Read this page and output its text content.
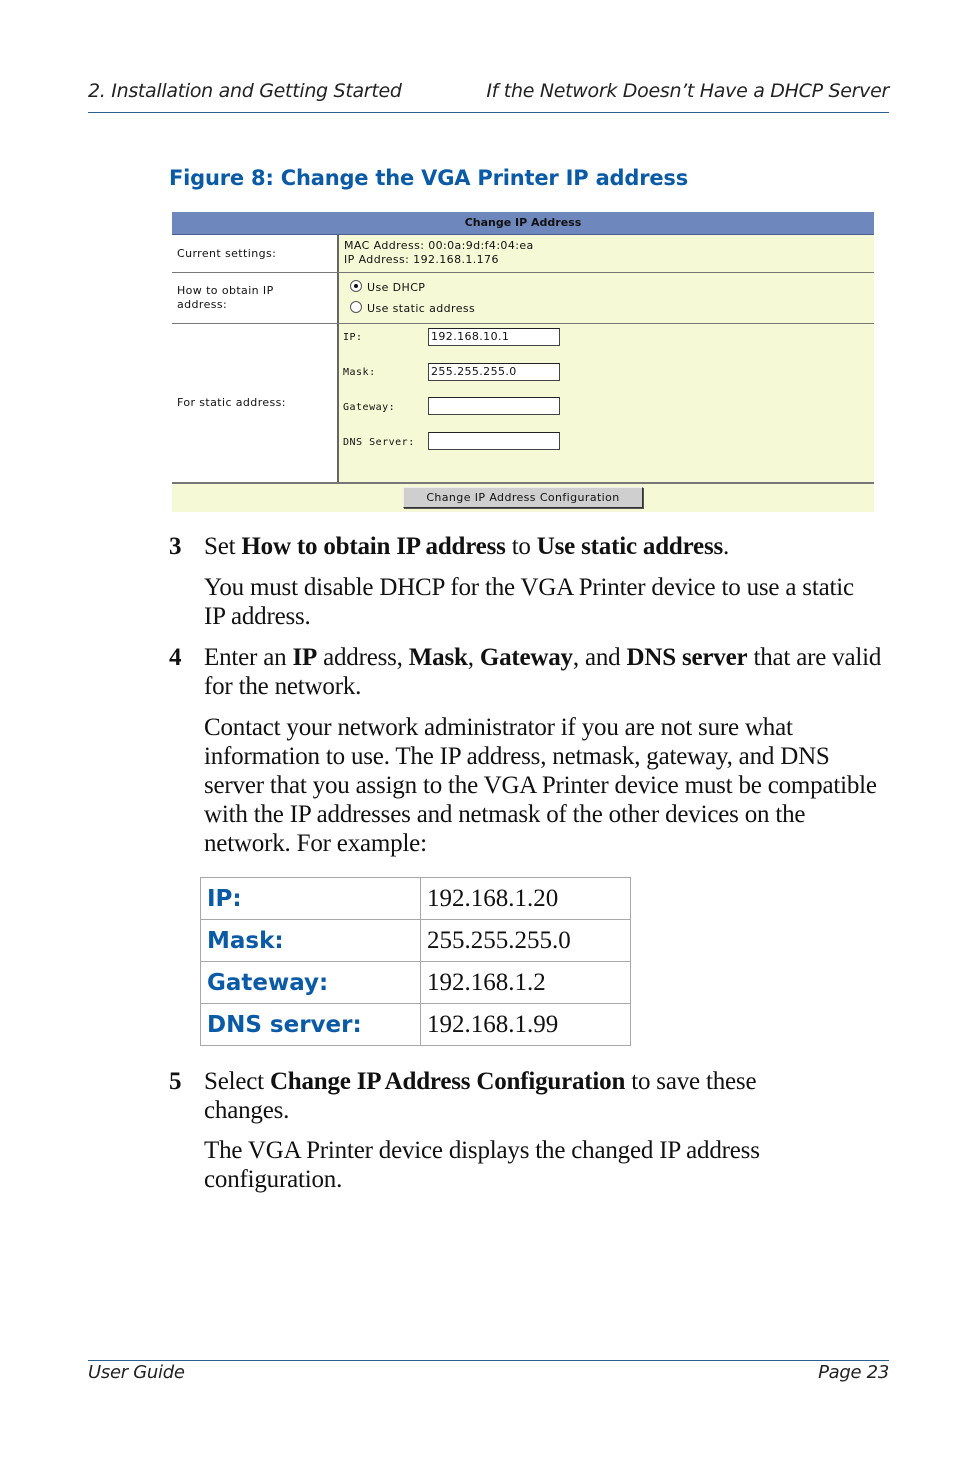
2. Installation and Getting Started	If the Network Doesn’t Have a DHCP Server
Figure 8: Change the VGA Printer IP address
Change IP Address
Current settings:
MAC Address: 00:0a:9d:f4:04:ea
IP Address: 192.168.1.176
How to obtain IP
address:
Use DHCP
Use static address
For static address:
IP:	192.168.10.1
Mask:	255.255.255.0
Gateway:
DNS Server:
Change IP Address Configuration
3 Set How to obtain IP address to Use static address.
You must disable DHCP for the VGA Printer device to use a static IP address.
4 Enter an IP address, Mask, Gateway, and DNS server that are valid for the network.
Contact your network administrator if you are not sure what information to use. The IP address, netmask, gateway, and DNS server that you assign to the VGA Printer device must be compatible with the IP addresses and netmask of the other devices on the network. For example:
IP:	192.168.1.20
Mask:	255.255.255.0
Gateway:	192.168.1.2
DNS server:	192.168.1.99
5 Select Change IP Address Configuration to save these changes.
The VGA Printer device displays the changed IP address configuration.
User Guide	Page 23
